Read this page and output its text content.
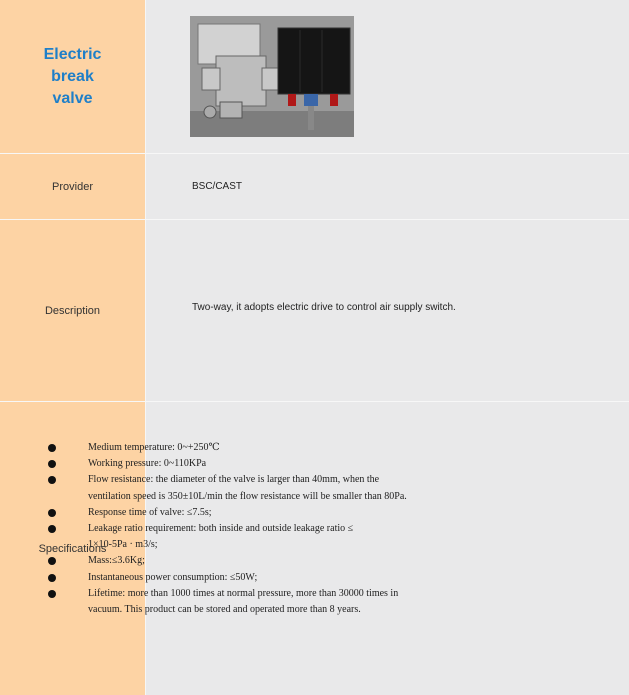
Electric break valve
Provider	BSC/CAST
Description	Two-way, it adopts electric drive to control air supply switch.
Specifications
Medium temperature: 0~+250℃
Working pressure: 0~110KPa
Flow resistance: the diameter of the valve is larger than 40mm, when the
ventilation speed is 350±10L/min the flow resistance will be smaller than 80Pa.
Response time of valve: ≤7.5s;
Leakage ratio requirement: both inside and outside leakage ratio ≤
1×10-5Pa · m3/s;
Mass:≤3.6Kg;
Instantaneous power consumption: ≤50W;
Lifetime: more than 1000 times at normal pressure, more than 30000 times in
vacuum. This product can be stored and operated more than 8 years.
